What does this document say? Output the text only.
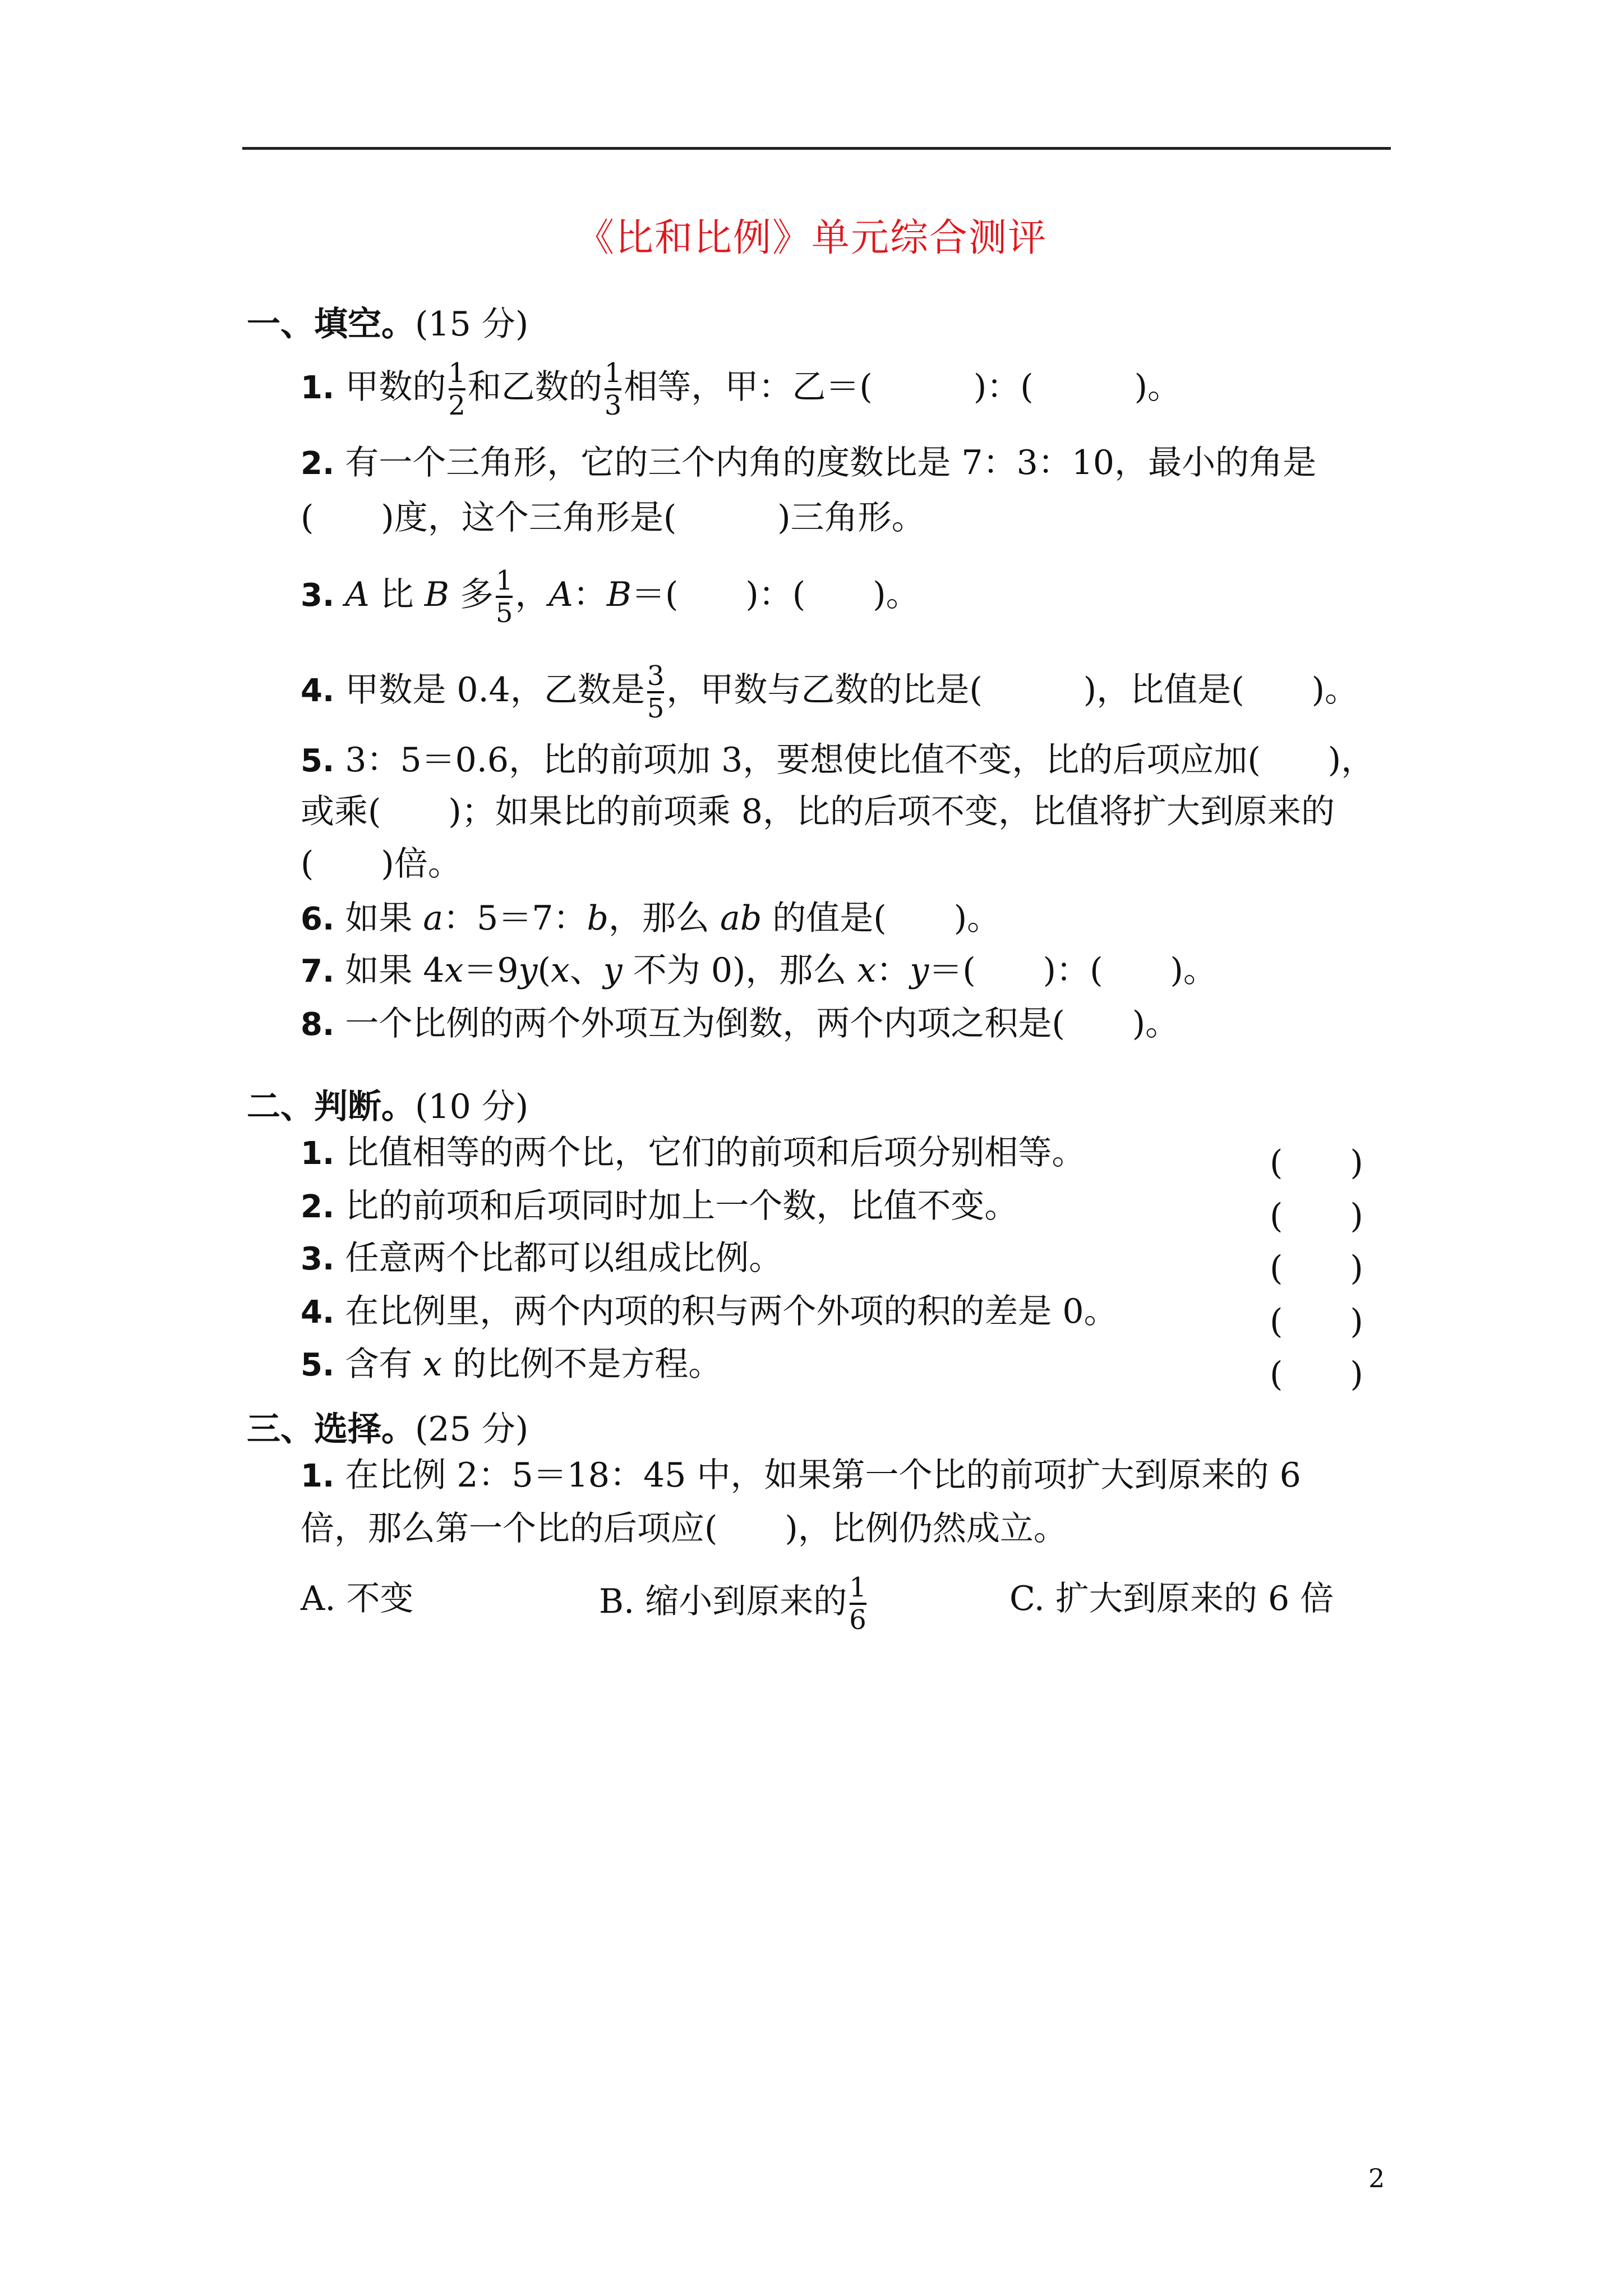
《比和比例》单元综合测评
一、填空。(15 分)
1. 甲数的 $\frac{1}{2}$ 和乙数的 $\frac{1}{3}$ 相等，甲：乙＝(　　　)：(　　　)。
2. 有一个三角形，它的三个内角的度数比是 7：3：10，最小的角是
(　　)度，这个三角形是(　　　)三角形。
3. A 比 B 多 $\frac{1}{5}$ ，A：B＝(　　)：(　　)。
4. 甲数是 0.4，乙数是 $\frac{3}{5}$ ，甲数与乙数的比是(　　　)，比值是(　　)。
5. 3：5＝0.6，比的前项加 3，要想使比值不变，比的后项应加(　　)，
或乘(　　)；如果比的前项乘 8，比的后项不变，比值将扩大到原来的
(　　)倍。
6. 如果 a：5＝7：b，那么 ab 的值是(　　)。
7. 如果 4x＝9y(x、y 不为 0)，那么 x：y＝(　　)：(　　)。
8. 一个比例的两个外项互为倒数，两个内项之积是(　　)。
二、判断。(10 分)
1. 比值相等的两个比，它们的前项和后项分别相等。	(　　)
2. 比的前项和后项同时加上一个数，比值不变。	(　　)
3. 任意两个比都可以组成比例。	(　　)
4. 在比例里，两个内项的积与两个外项的积的差是 0。	(　　)
5. 含有 x 的比例不是方程。	(　　)
三、选择。(25 分)
1. 在比例 2：5＝18：45 中，如果第一个比的前项扩大到原来的 6
倍，那么第一个比的后项应(　　)，比例仍然成立。
A. 不变	B. 缩小到原来的 $\frac{1}{6}$	C. 扩大到原来的 6 倍
2
